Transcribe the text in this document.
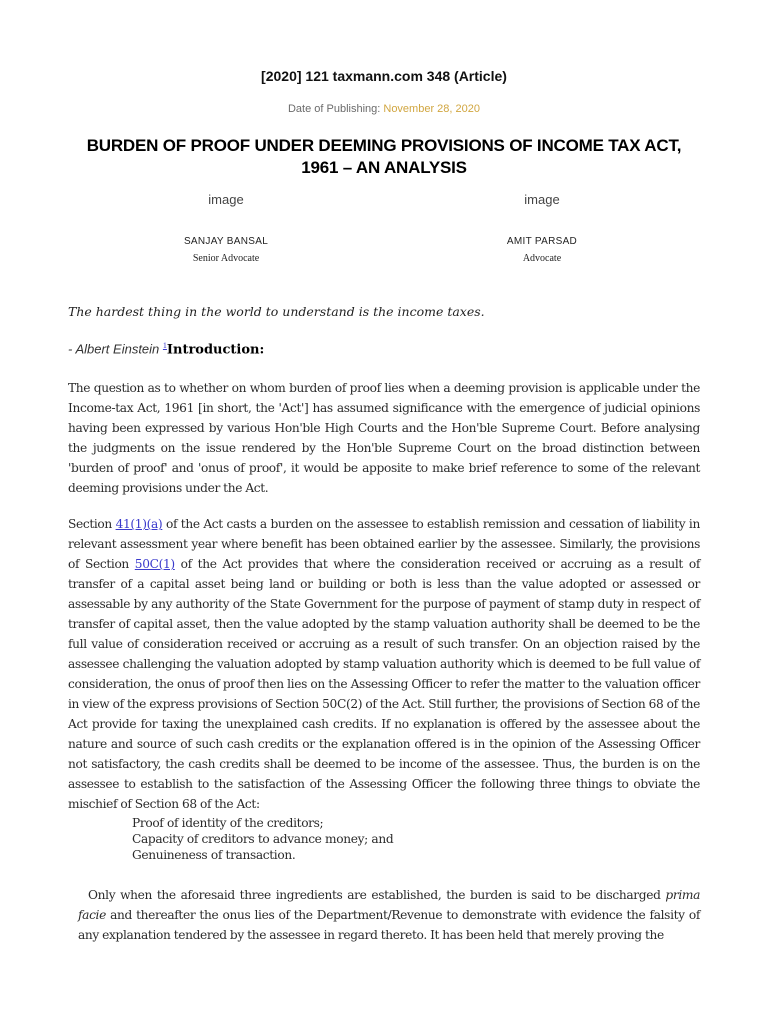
[2020] 121 taxmann.com 348 (Article)
Date of Publishing: November 28, 2020
BURDEN OF PROOF UNDER DEEMING PROVISIONS OF INCOME TAX ACT, 1961 – AN ANALYSIS
image
SANJAY BANSAL
Senior Advocate
image
AMIT PARSAD
Advocate
The hardest thing in the world to understand is the income taxes.
- Albert Einstein $^1$Introduction:
The question as to whether on whom burden of proof lies when a deeming provision is applicable under the Income-tax Act, 1961 [in short, the 'Act'] has assumed significance with the emergence of judicial opinions having been expressed by various Hon'ble High Courts and the Hon'ble Supreme Court. Before analysing the judgments on the issue rendered by the Hon'ble Supreme Court on the broad distinction between 'burden of proof' and 'onus of proof', it would be apposite to make brief reference to some of the relevant deeming provisions under the Act.
Section 41(1)(a) of the Act casts a burden on the assessee to establish remission and cessation of liability in relevant assessment year where benefit has been obtained earlier by the assessee. Similarly, the provisions of Section 50C(1) of the Act provides that where the consideration received or accruing as a result of transfer of a capital asset being land or building or both is less than the value adopted or assessed or assessable by any authority of the State Government for the purpose of payment of stamp duty in respect of transfer of capital asset, then the value adopted by the stamp valuation authority shall be deemed to be the full value of consideration received or accruing as a result of such transfer. On an objection raised by the assessee challenging the valuation adopted by stamp valuation authority which is deemed to be full value of consideration, the onus of proof then lies on the Assessing Officer to refer the matter to the valuation officer in view of the express provisions of Section 50C(2) of the Act. Still further, the provisions of Section 68 of the Act provide for taxing the unexplained cash credits. If no explanation is offered by the assessee about the nature and source of such cash credits or the explanation offered is in the opinion of the Assessing Officer not satisfactory, the cash credits shall be deemed to be income of the assessee. Thus, the burden is on the assessee to establish to the satisfaction of the Assessing Officer the following three things to obviate the mischief of Section 68 of the Act:
Proof of identity of the creditors;
Capacity of creditors to advance money; and
Genuineness of transaction.
Only when the aforesaid three ingredients are established, the burden is said to be discharged prima facie and thereafter the onus lies of the Department/Revenue to demonstrate with evidence the falsity of any explanation tendered by the assessee in regard thereto. It has been held that merely proving the
